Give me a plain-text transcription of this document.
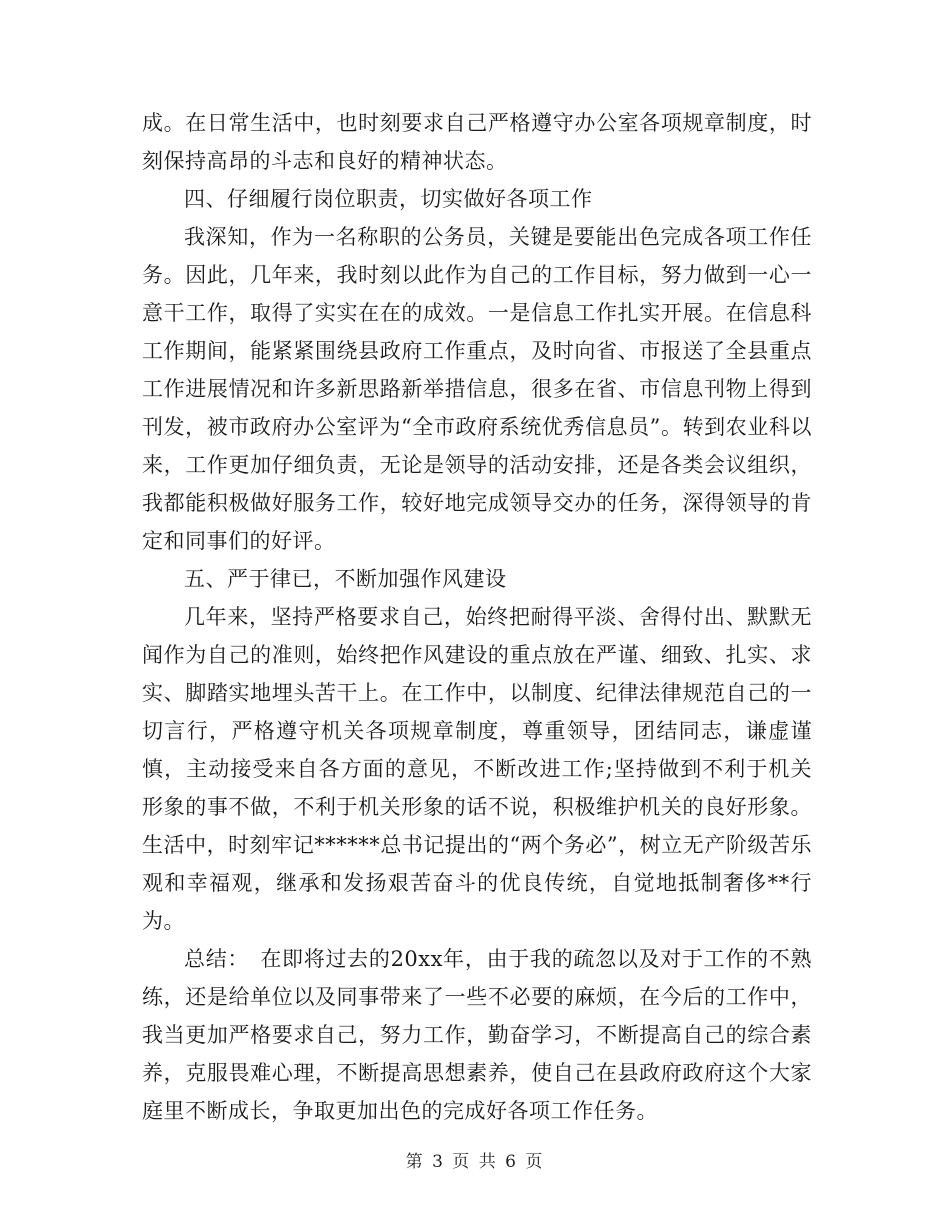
成。在日常生活中，也时刻要求自己严格遵守办公室各项规章制度，时刻保持高昂的斗志和良好的精神状态。

四、仔细履行岗位职责，切实做好各项工作

我深知，作为一名称职的公务员，关键是要能出色完成各项工作任务。因此，几年来，我时刻以此作为自己的工作目标，努力做到一心一意干工作，取得了实实在在的成效。一是信息工作扎实开展。在信息科工作期间，能紧紧围绕县政府工作重点，及时向省、市报送了全县重点工作进展情况和许多新思路新举措信息，很多在省、市信息刊物上得到刊发，被市政府办公室评为“全市政府系统优秀信息员”。转到农业科以来，工作更加仔细负责，无论是领导的活动安排，还是各类会议组织，我都能积极做好服务工作，较好地完成领导交办的任务，深得领导的肯定和同事们的好评。

五、严于律已，不断加强作风建设

几年来，坚持严格要求自己，始终把耐得平淡、舍得付出、默默无闻作为自己的准则，始终把作风建设的重点放在严谨、细致、扎实、求实、脚踏实地埋头苦干上。在工作中，以制度、纪律法律规范自己的一切言行，严格遵守机关各项规章制度，尊重领导，团结同志，谦虚谨慎，主动接受来自各方面的意见，不断改进工作;坚持做到不利于机关形象的事不做，不利于机关形象的话不说，积极维护机关的良好形象。生活中，时刻牢记******总书记提出的“两个务必”，树立无产阶级苦乐观和幸福观，继承和发扬艰苦奋斗的优良传统，自觉地抵制奢侈**行为。

总结：　在即将过去的20xx年，由于我的疏忽以及对于工作的不熟练，还是给单位以及同事带来了一些不必要的麻烦，在今后的工作中，我当更加严格要求自己，努力工作，勤奋学习，不断提高自己的综合素养，克服畏难心理，不断提高思想素养，使自己在县政府政府这个大家庭里不断成长，争取更加出色的完成好各项工作任务。

第 3 页 共 6 页
